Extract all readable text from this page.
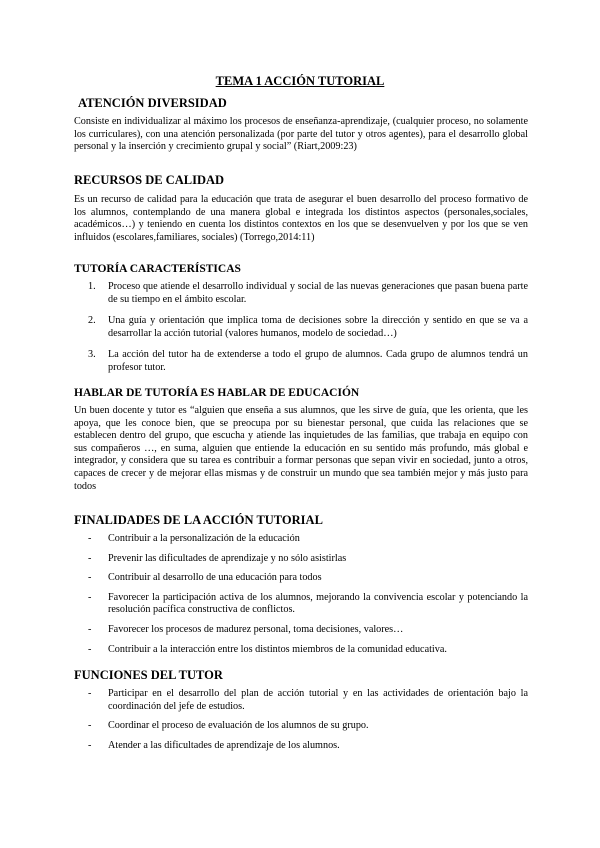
TEMA 1 ACCIÓN TUTORIAL
ATENCIÓN DIVERSIDAD

Consiste en individualizar al máximo los procesos de enseñanza-aprendizaje, (cualquier proceso, no solamente los curriculares), con una atención personalizada (por parte del tutor y otros agentes), para el desarrollo global personal y la inserción y crecimiento grupal y social” (Riart,2009:23)

RECURSOS DE CALIDAD

Es un recurso de calidad para la educación que trata de asegurar el buen desarrollo del proceso formativo de los alumnos, contemplando de una manera global e integrada los distintos aspectos (personales,sociales, académicos…) y teniendo en cuenta los distintos contextos en los que se desenvuelven y por los que se ven influidos (escolares,familiares, sociales) (Torrego,2014:11)

TUTORÍA CARACTERÍSTICAS
1. Proceso que atiende el desarrollo individual y social de las nuevas generaciones que pasan buena parte de su tiempo en el ámbito escolar.
2. Una guía y orientación que implica toma de decisiones sobre la dirección y sentido en que se va a desarrollar la acción tutorial (valores humanos, modelo de sociedad…)
3. La acción del tutor ha de extenderse a todo el grupo de alumnos. Cada grupo de alumnos tendrá un profesor tutor.
HABLAR DE TUTORÍA ES HABLAR DE EDUCACIÓN

Un buen docente y tutor es “alguien que enseña a sus alumnos, que les sirve de guía, que les orienta, que les apoya, que les conoce bien, que se preocupa por su bienestar personal, que cuida las relaciones que se establecen dentro del grupo, que escucha y atiende las inquietudes de las familias, que trabaja en equipo con sus compañeros …, en suma, alguien que entiende la educación en su sentido más profundo, más global e integrador, y considera que su tarea es contribuir a formar personas que sepan vivir en sociedad, junto a otros, capaces de crecer y de mejorar ellas mismas y de construir un mundo que sea también mejor y más justo para todos

FINALIDADES DE LA ACCIÓN TUTORIAL
- Contribuir a la personalización de la educación
- Prevenir las dificultades de aprendizaje y no sólo asistirlas
- Contribuir al desarrollo de una educación para todos
- Favorecer la participación activa de los alumnos, mejorando la convivencia escolar y potenciando la resolución pacífica constructiva de conflictos.
- Favorecer los procesos de madurez personal, toma decisiones, valores…
- Contribuir a la interacción entre los distintos miembros de la comunidad educativa.
FUNCIONES DEL TUTOR
- Participar en el desarrollo del plan de acción tutorial y en las actividades de orientación bajo la coordinación del jefe de estudios.
- Coordinar el proceso de evaluación de los alumnos de su grupo.
- Atender a las dificultades de aprendizaje de los alumnos.
